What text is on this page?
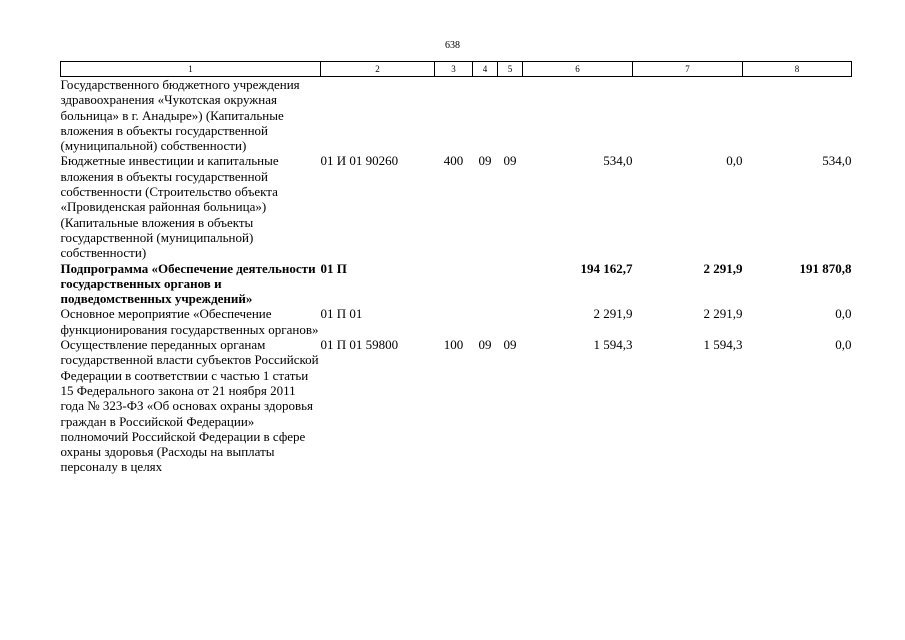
638
1	2	3	4	5	6	7	8
Государственного бюджетного учреждения здравоохранения «Чукотская окружная больница» в г. Анадыре») (Капитальные вложения в объекты государственной (муниципальной) собственности)							
Бюджетные инвестиции и капитальные вложения в объекты государственной собственности (Строительство объекта «Провиденская районная больница») (Капитальные вложения в объекты государственной (муниципальной) собственности)	01 И 01 90260	400	09	09	534,0	0,0	534,0
Подпрограмма «Обеспечение деятельности государственных органов и подведомственных учреждений»	01 П				194 162,7	2 291,9	191 870,8
Основное мероприятие «Обеспечение функционирования государственных органов»	01 П 01				2 291,9	2 291,9	0,0
Осуществление переданных органам государственной власти субъектов Российской Федерации в соответствии с частью 1 статьи 15 Федерального закона от 21 ноября 2011 года № 323-ФЗ «Об основах охраны здоровья граждан в Российской Федерации» полномочий Российской Федерации в сфере охраны здоровья (Расходы на выплаты персоналу в целях	01 П 01 59800	100	09	09	1 594,3	1 594,3	0,0
